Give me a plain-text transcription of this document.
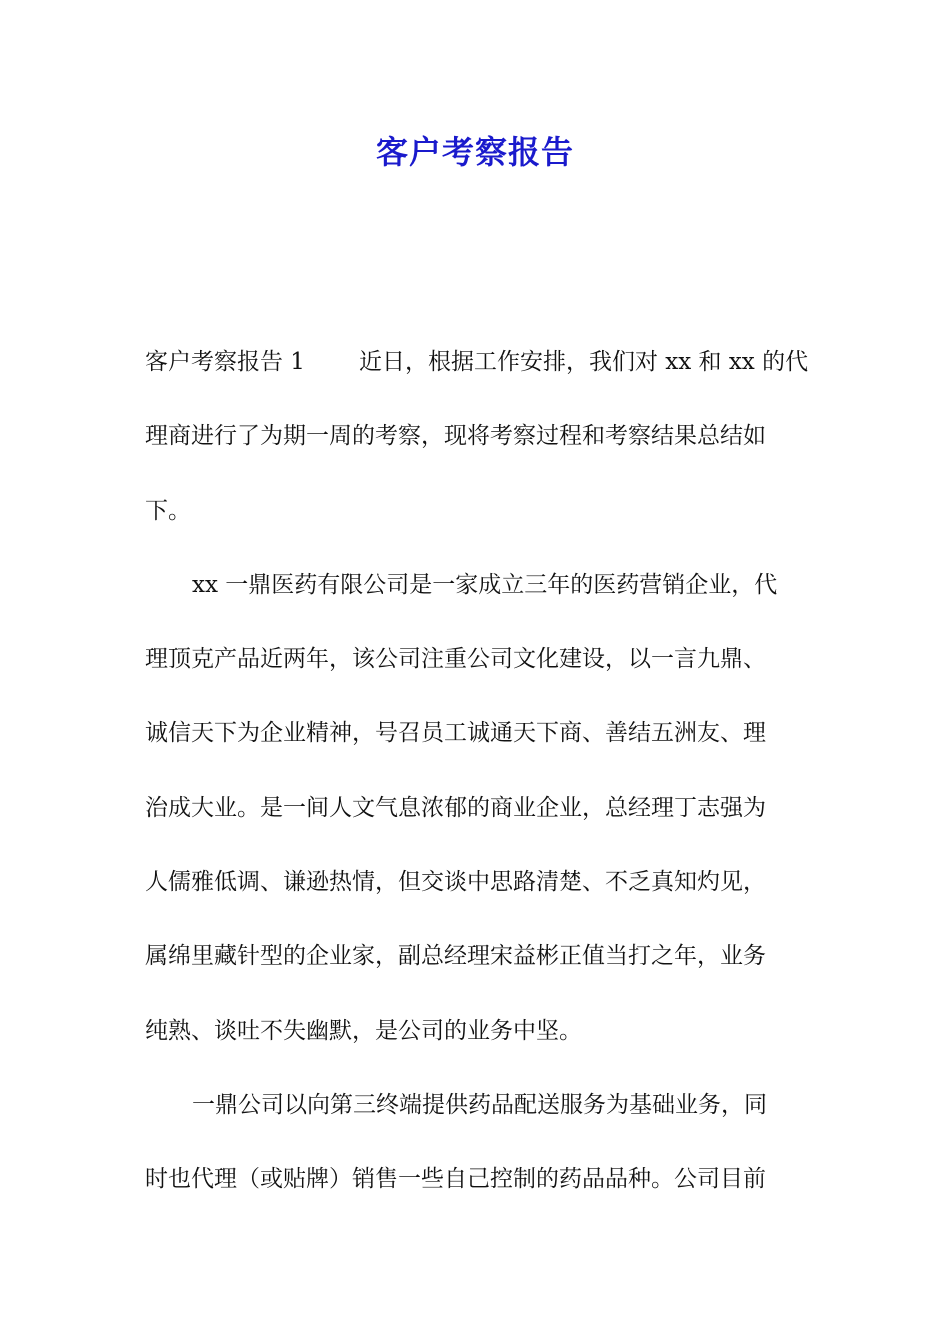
客户考察报告
客户考察报告 1 近日，根据工作安排，我们对 xx 和 xx 的代
理商进行了为期一周的考察，现将考察过程和考察结果总结如
下。
xx 一鼎医药有限公司是一家成立三年的医药营销企业，代
理顶克产品近两年，该公司注重公司文化建设，以一言九鼎、
诚信天下为企业精神，号召员工诚通天下商、善结五洲友、理
治成大业。是一间人文气息浓郁的商业企业，总经理丁志强为
人儒雅低调、谦逊热情，但交谈中思路清楚、不乏真知灼见，
属绵里藏针型的企业家，副总经理宋益彬正值当打之年，业务
纯熟、谈吐不失幽默，是公司的业务中坚。
一鼎公司以向第三终端提供药品配送服务为基础业务，同
时也代理（或贴牌）销售一些自己控制的药品品种。公司目前
